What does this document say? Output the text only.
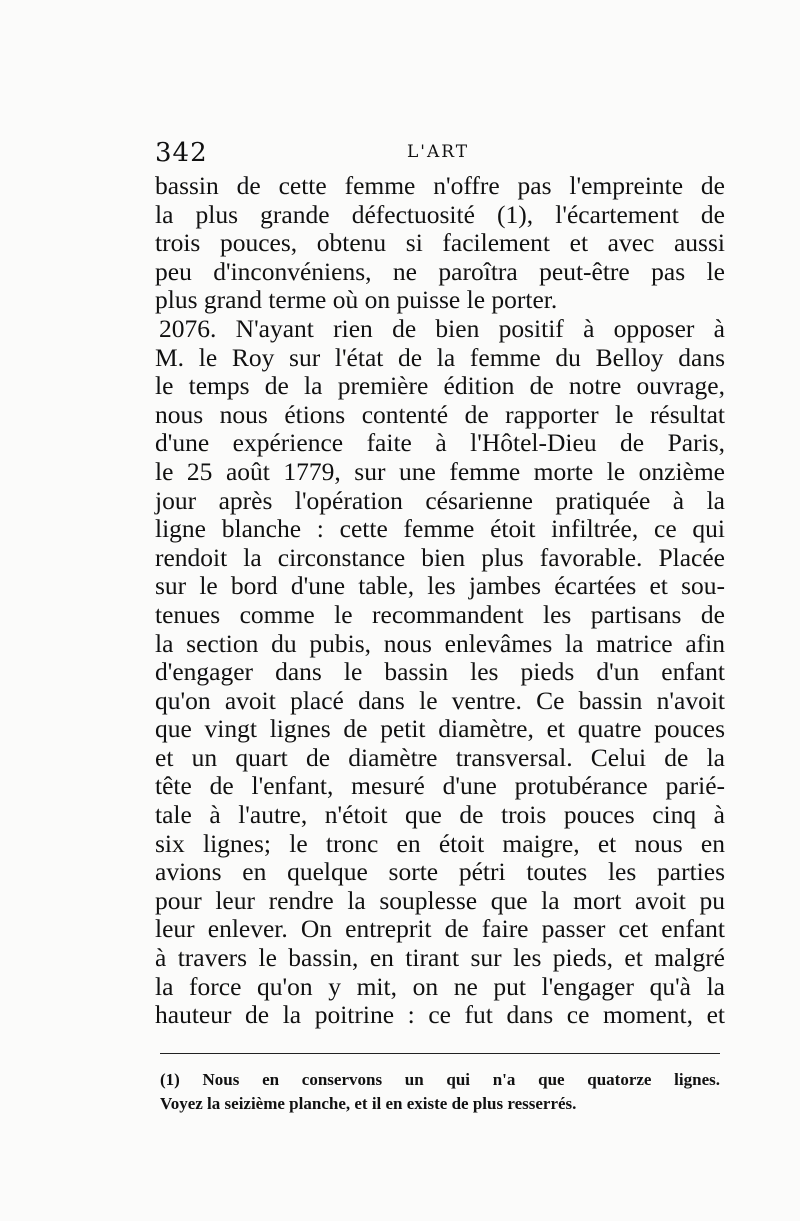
342	L'ART
bassin de cette femme n'offre pas l'empreinte de
la plus grande défectuosité (1), l'écartement de
trois pouces, obtenu si facilement et avec aussi
peu d'inconvéniens, ne paroîtra peut-être pas le
plus grand terme où on puisse le porter.
2076. N'ayant rien de bien positif à opposer à
M. le Roy sur l'état de la femme du Belloy dans
le temps de la première édition de notre ouvrage,
nous nous étions contenté de rapporter le résultat
d'une expérience faite à l'Hôtel-Dieu de Paris,
le 25 août 1779, sur une femme morte le onzième
jour après l'opération césarienne pratiquée à la
ligne blanche : cette femme étoit infiltrée, ce qui
rendoit la circonstance bien plus favorable. Placée
sur le bord d'une table, les jambes écartées et sou-
tenues comme le recommandent les partisans de
la section du pubis, nous enlevâmes la matrice afin
d'engager dans le bassin les pieds d'un enfant
qu'on avoit placé dans le ventre. Ce bassin n'avoit
que vingt lignes de petit diamètre, et quatre pouces
et un quart de diamètre transversal. Celui de la
tête de l'enfant, mesuré d'une protubérance parié-
tale à l'autre, n'étoit que de trois pouces cinq à
six lignes; le tronc en étoit maigre, et nous en
avions en quelque sorte pétri toutes les parties
pour leur rendre la souplesse que la mort avoit pu
leur enlever. On entreprit de faire passer cet enfant
à travers le bassin, en tirant sur les pieds, et malgré
la force qu'on y mit, on ne put l'engager qu'à la
hauteur de la poitrine : ce fut dans ce moment, et
(1) Nous en conservons un qui n'a que quatorze lignes.
Voyez la seizième planche, et il en existe de plus resserrés.
